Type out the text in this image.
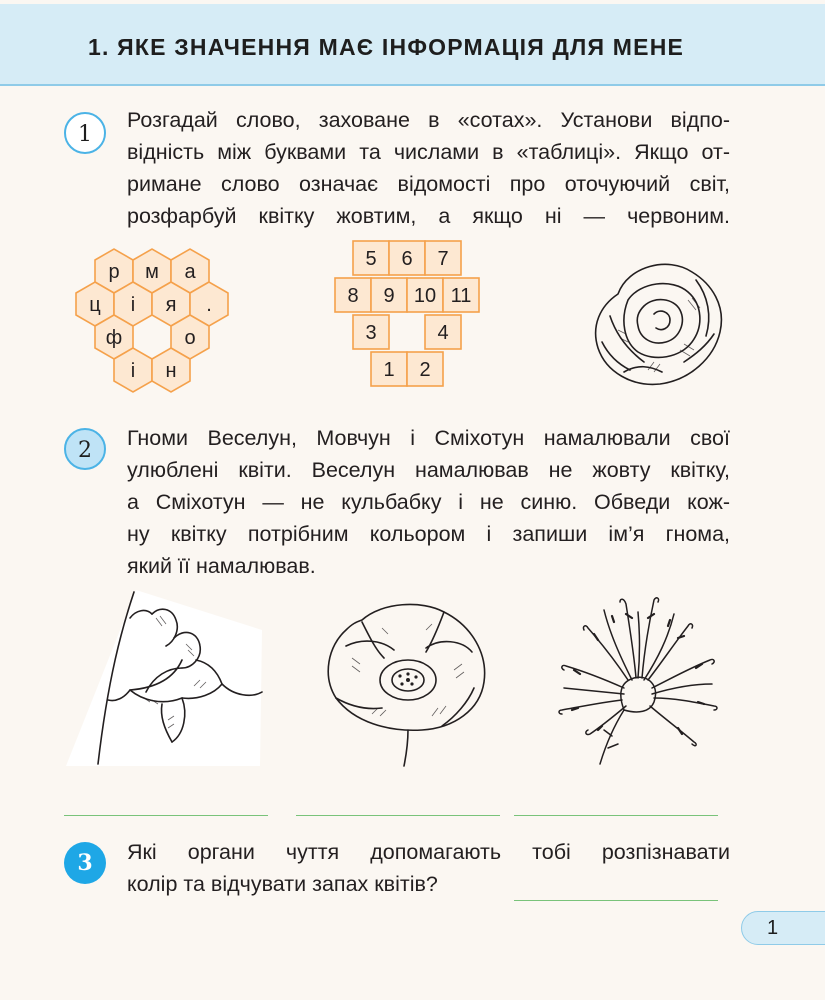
1. ЯКЕ ЗНАЧЕННЯ МАЄ ІНФОРМАЦІЯ ДЛЯ МЕНЕ
1
Розгадай слово, заховане в «сотах». Установи відпо-
відність між буквами та числами в «таблиці». Якщо от-
римане слово означає відомості про оточуючий світ,
розфарбуй квітку жовтим, а якщо ні — червоним.
р м а
ц і я .
ф	о
і н
5 6 7
8 9 10 11
3	4
1 2
2	Гноми Веселун, Мовчун і Сміхотун намалювали свої
улюблені квіти. Веселун намалював не жовту квітку,
а Сміхотун — не кульбабку і не синю. Обведи кож-
ну квітку потрібним кольором і запиши ім’я гнома,
який її намалював.
3	Які органи чуття допомагають тобі розпізнавати
колір та відчувати запах квітів?
1
